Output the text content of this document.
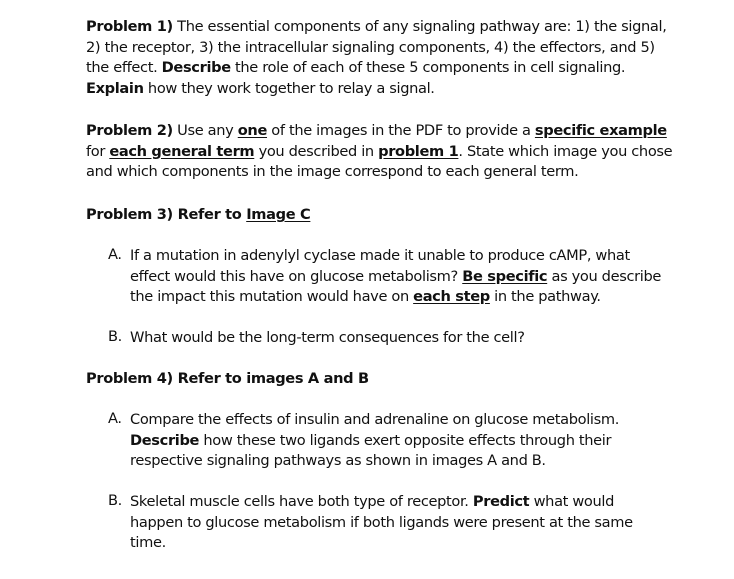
Problem 1) The essential components of any signaling pathway are: 1) the signal,
2) the receptor, 3) the intracellular signaling components, 4) the effectors, and 5)
the effect. Describe the role of each of these 5 components in cell signaling.
Explain how they work together to relay a signal.
Problem 2) Use any one of the images in the PDF to provide a specific example
for each general term you described in problem 1. State which image you chose
and which components in the image correspond to each general term.
Problem 3) Refer to Image C
A. If a mutation in adenylyl cyclase made it unable to produce cAMP, what
effect would this have on glucose metabolism? Be specific as you describe
the impact this mutation would have on each step in the pathway.
B. What would be the long-term consequences for the cell?
Problem 4) Refer to images A and B
A. Compare the effects of insulin and adrenaline on glucose metabolism.
Describe how these two ligands exert opposite effects through their
respective signaling pathways as shown in images A and B.
B. Skeletal muscle cells have both type of receptor. Predict what would
happen to glucose metabolism if both ligands were present at the same
time.
